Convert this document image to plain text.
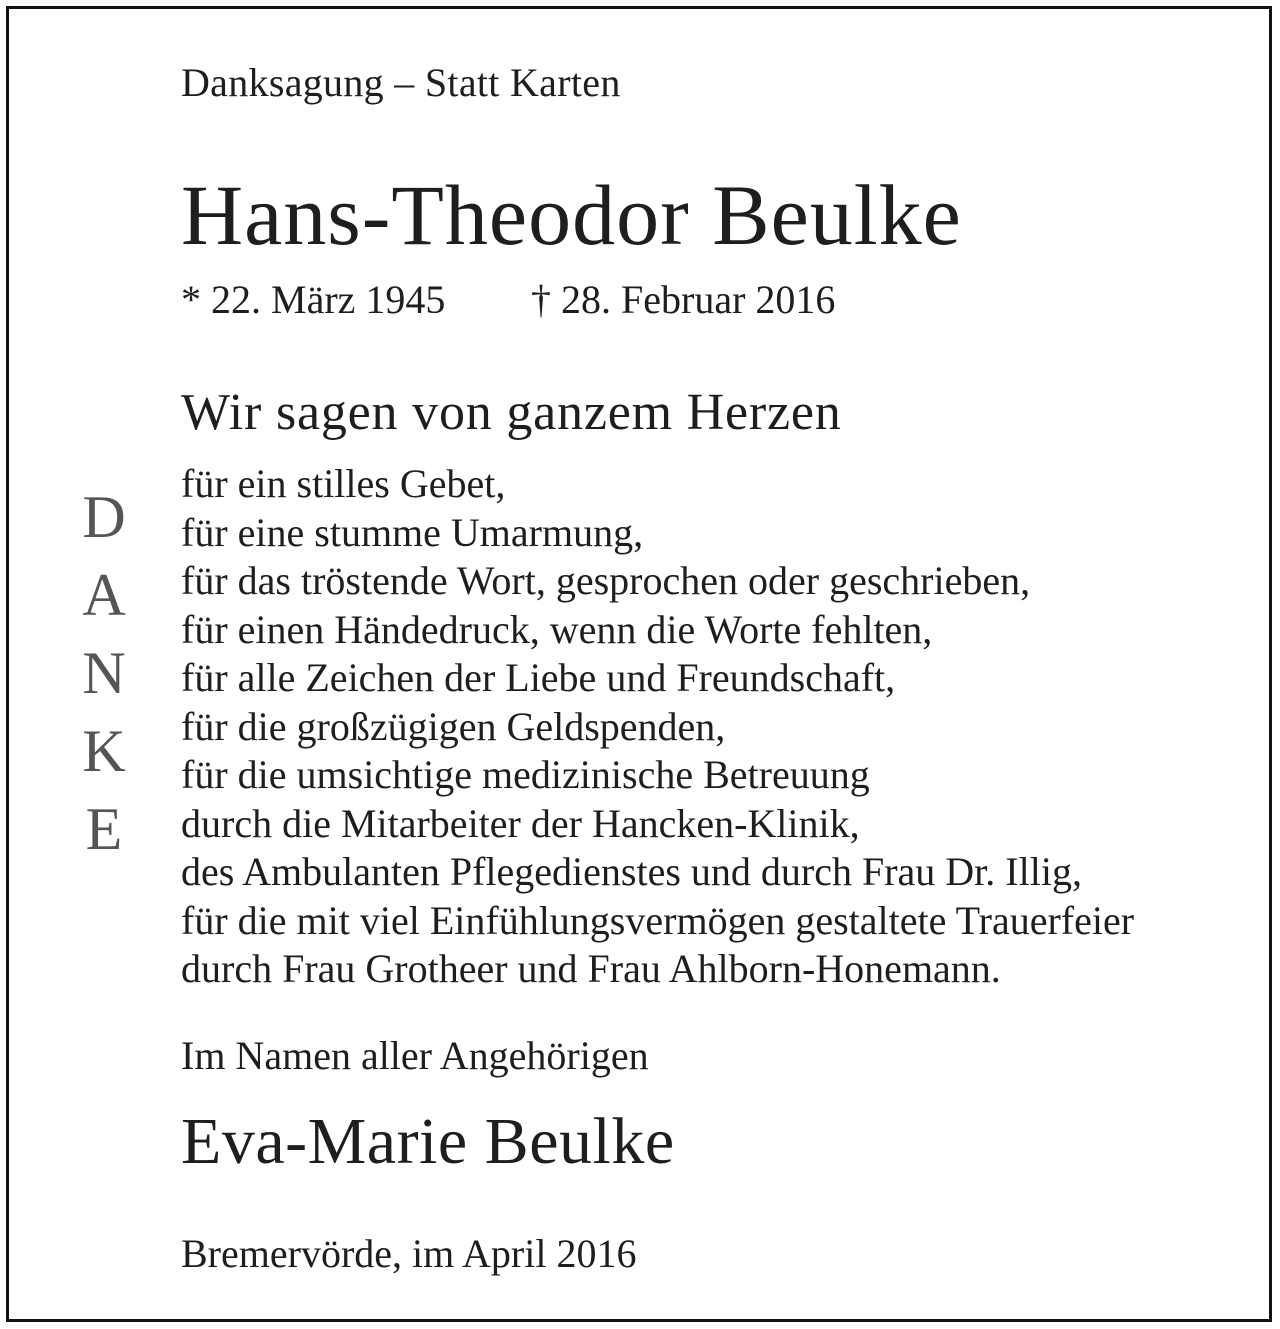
Danksagung – Statt Karten

Hans-Theodor Beulke

* 22. März 1945 † 28. Februar 2016

Wir sagen von ganzem Herzen
D
A
N
K
E
für ein stilles Gebet,
für eine stumme Umarmung,
für das tröstende Wort, gesprochen oder geschrieben,
für einen Händedruck, wenn die Worte fehlten,
für alle Zeichen der Liebe und Freundschaft,
für die großzügigen Geldspenden,
für die umsichtige medizinische Betreuung
durch die Mitarbeiter der Hancken-Klinik,
des Ambulanten Pflegedienstes und durch Frau Dr. Illig,
für die mit viel Einfühlungsvermögen gestaltete Trauerfeier
durch Frau Grotheer und Frau Ahlborn-Honemann.

Im Namen aller Angehörigen

Eva-Marie Beulke

Bremervörde, im April 2016
